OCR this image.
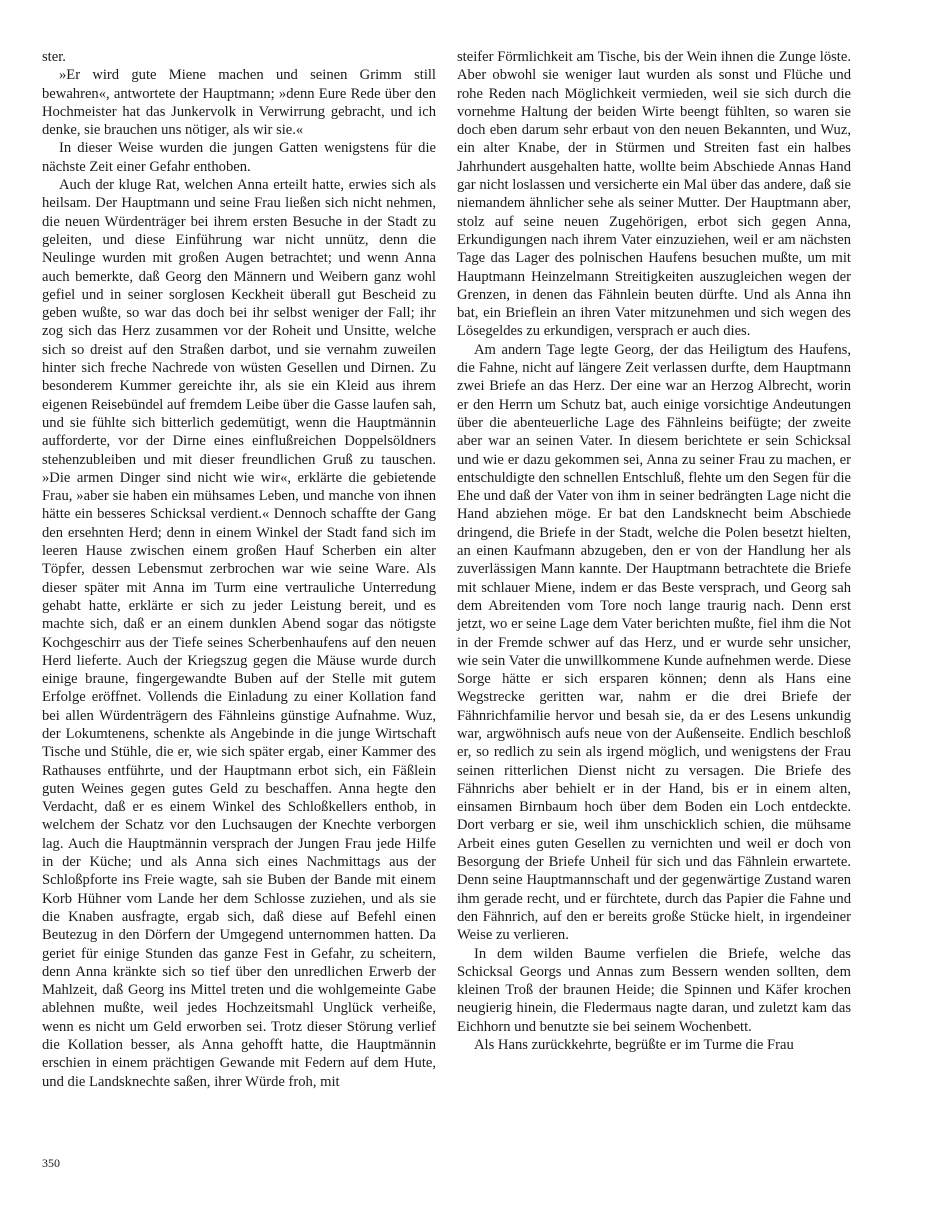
ster.

»Er wird gute Miene machen und seinen Grimm still bewahren«, antwortete der Hauptmann; »denn Eure Rede über den Hochmeister hat das Junkervolk in Verwirrung gebracht, und ich denke, sie brauchen uns nötiger, als wir sie.«

In dieser Weise wurden die jungen Gatten wenigstens für die nächste Zeit einer Gefahr enthoben.

Auch der kluge Rat, welchen Anna erteilt hatte, erwies sich als heilsam. Der Hauptmann und seine Frau ließen sich nicht nehmen, die neuen Würdenträger bei ihrem ersten Besuche in der Stadt zu geleiten, und diese Einführung war nicht unnütz, denn die Neulinge wurden mit großen Augen betrachtet; und wenn Anna auch bemerkte, daß Georg den Männern und Weibern ganz wohl gefiel und in seiner sorglosen Keckheit überall gut Bescheid zu geben wußte, so war das doch bei ihr selbst weniger der Fall; ihr zog sich das Herz zusammen vor der Roheit und Unsitte, welche sich so dreist auf den Straßen darbot, und sie vernahm zuweilen hinter sich freche Nachrede von wüsten Gesellen und Dirnen. Zu besonderem Kummer gereichte ihr, als sie ein Kleid aus ihrem eigenen Reisebündel auf fremdem Leibe über die Gasse laufen sah, und sie fühlte sich bitterlich gedemütigt, wenn die Hauptmännin aufforderte, vor der Dirne eines einflußreichen Doppelsöldners stehenzubleiben und mit dieser freundlichen Gruß zu tauschen. »Die armen Dinger sind nicht wie wir«, erklärte die gebietende Frau, »aber sie haben ein mühsames Leben, und manche von ihnen hätte ein besseres Schicksal verdient.« Dennoch schaffte der Gang den ersehnten Herd; denn in einem Winkel der Stadt fand sich im leeren Hause zwischen einem großen Hauf Scherben ein alter Töpfer, dessen Lebensmut zerbrochen war wie seine Ware. Als dieser später mit Anna im Turm eine vertrauliche Unterredung gehabt hatte, erklärte er sich zu jeder Leistung bereit, und es machte sich, daß er an einem dunklen Abend sogar das nötigste Kochgeschirr aus der Tiefe seines Scherbenhaufens auf den neuen Herd lieferte. Auch der Kriegszug gegen die Mäuse wurde durch einige braune, fingergewandte Buben auf der Stelle mit gutem Erfolge eröffnet. Vollends die Einladung zu einer Kollation fand bei allen Würdenträgern des Fähnleins günstige Aufnahme. Wuz, der Lokumtenens, schenkte als Angebinde in die junge Wirtschaft Tische und Stühle, die er, wie sich später ergab, einer Kammer des Rathauses entführte, und der Hauptmann erbot sich, ein Fäßlein guten Weines gegen gutes Geld zu beschaffen. Anna hegte den Verdacht, daß er es einem Winkel des Schloßkellers enthob, in welchem der Schatz vor den Luchsaugen der Knechte verborgen lag. Auch die Hauptmännin versprach der Jungen Frau jede Hilfe in der Küche; und als Anna sich eines Nachmittags aus der Schloßpforte ins Freie wagte, sah sie Buben der Bande mit einem Korb Hühner vom Lande her dem Schlosse zuziehen, und als sie die Knaben ausfragte, ergab sich, daß diese auf Befehl einen Beutezug in den Dörfern der Umgegend unternommen hatten. Da geriet für einige Stunden das ganze Fest in Gefahr, zu scheitern, denn Anna kränkte sich so tief über den unredlichen Erwerb der Mahlzeit, daß Georg ins Mittel treten und die wohlgemeinte Gabe ablehnen mußte, weil jedes Hochzeitsmahl Unglück verheiße, wenn es nicht um Geld erworben sei. Trotz dieser Störung verlief die Kollation besser, als Anna gehofft hatte, die Hauptmännin erschien in einem prächtigen Gewande mit Federn auf dem Hute, und die Landsknechte saßen, ihrer Würde froh, mit

steifer Förmlichkeit am Tische, bis der Wein ihnen die Zunge löste. Aber obwohl sie weniger laut wurden als sonst und Flüche und rohe Reden nach Möglichkeit vermieden, weil sie sich durch die vornehme Haltung der beiden Wirte beengt fühlten, so waren sie doch eben darum sehr erbaut von den neuen Bekannten, und Wuz, ein alter Knabe, der in Stürmen und Streiten fast ein halbes Jahrhundert ausgehalten hatte, wollte beim Abschiede Annas Hand gar nicht loslassen und versicherte ein Mal über das andere, daß sie niemandem ähnlicher sehe als seiner Mutter. Der Hauptmann aber, stolz auf seine neuen Zugehörigen, erbot sich gegen Anna, Erkundigungen nach ihrem Vater einzuziehen, weil er am nächsten Tage das Lager des polnischen Haufens besuchen mußte, um mit Hauptmann Heinzelmann Streitigkeiten auszugleichen wegen der Grenzen, in denen das Fähnlein beuten dürfte. Und als Anna ihn bat, ein Brieflein an ihren Vater mitzunehmen und sich wegen des Lösegeldes zu erkundigen, versprach er auch dies.

Am andern Tage legte Georg, der das Heiligtum des Haufens, die Fahne, nicht auf längere Zeit verlassen durfte, dem Hauptmann zwei Briefe an das Herz. Der eine war an Herzog Albrecht, worin er den Herrn um Schutz bat, auch einige vorsichtige Andeutungen über die abenteuerliche Lage des Fähnleins beifügte; der zweite aber war an seinen Vater. In diesem berichtete er sein Schicksal und wie er dazu gekommen sei, Anna zu seiner Frau zu machen, er entschuldigte den schnellen Entschluß, flehte um den Segen für die Ehe und daß der Vater von ihm in seiner bedrängten Lage nicht die Hand abziehen möge. Er bat den Landsknecht beim Abschiede dringend, die Briefe in der Stadt, welche die Polen besetzt hielten, an einen Kaufmann abzugeben, den er von der Handlung her als zuverlässigen Mann kannte. Der Hauptmann betrachtete die Briefe mit schlauer Miene, indem er das Beste versprach, und Georg sah dem Abreitenden vom Tore noch lange traurig nach. Denn erst jetzt, wo er seine Lage dem Vater berichten mußte, fiel ihm die Not in der Fremde schwer auf das Herz, und er wurde sehr unsicher, wie sein Vater die unwillkommene Kunde aufnehmen werde. Diese Sorge hätte er sich ersparen können; denn als Hans eine Wegstrecke geritten war, nahm er die drei Briefe der Fähnrichfamilie hervor und besah sie, da er des Lesens unkundig war, argwöhnisch aufs neue von der Außenseite. Endlich beschloß er, so redlich zu sein als irgend möglich, und wenigstens der Frau seinen ritterlichen Dienst nicht zu versagen. Die Briefe des Fähnrichs aber behielt er in der Hand, bis er in einem alten, einsamen Birnbaum hoch über dem Boden ein Loch entdeckte. Dort verbarg er sie, weil ihm unschicklich schien, die mühsame Arbeit eines guten Gesellen zu vernichten und weil er doch von Besorgung der Briefe Unheil für sich und das Fähnlein erwartete. Denn seine Hauptmannschaft und der gegenwärtige Zustand waren ihm gerade recht, und er fürchtete, durch das Papier die Fahne und den Fähnrich, auf den er bereits große Stücke hielt, in irgendeiner Weise zu verlieren.

In dem wilden Baume verfielen die Briefe, welche das Schicksal Georgs und Annas zum Bessern wenden sollten, dem kleinen Troß der braunen Heide; die Spinnen und Käfer krochen neugierig hinein, die Fledermaus nagte daran, und zuletzt kam das Eichhorn und benutzte sie bei seinem Wochenbett.

Als Hans zurückkehrte, begrüßte er im Turme die Frau

350
